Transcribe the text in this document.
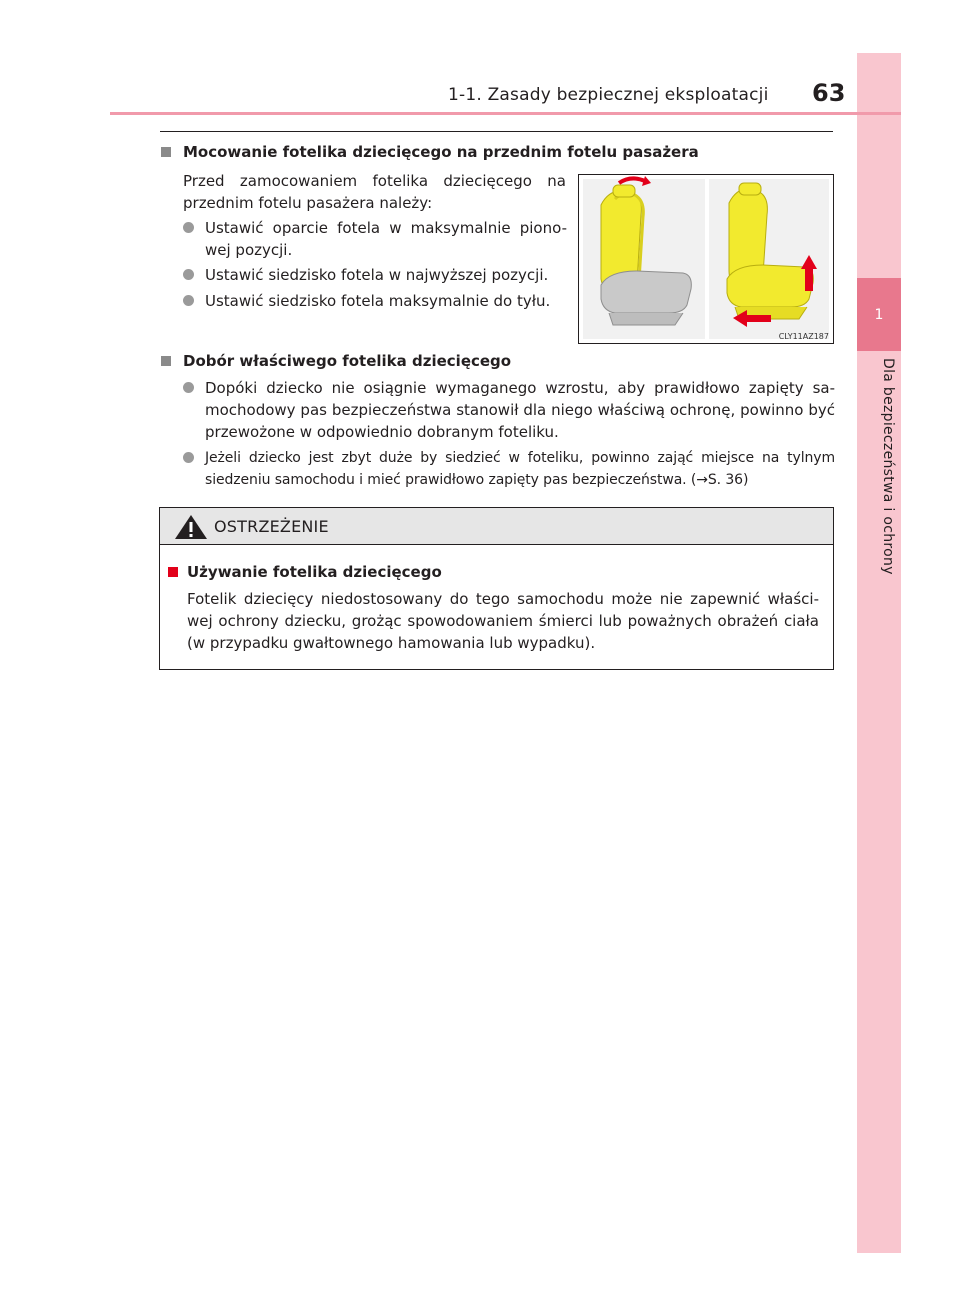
1
Dla bezpieczeństwa i ochrony
1-1. Zasady bezpiecznej eksploatacji 63
Mocowanie fotelika dziecięcego na przednim fotelu pasażera
Przed zamocowaniem fotelika dziecięcego na przednim fotelu pasażera należy:
Ustawić oparcie fotela w maksymalnie piono- wej pozycji.
Ustawić siedzisko fotela w najwyższej pozycji.
Ustawić siedzisko fotela maksymalnie do tyłu.
CLY11AZ187
Dobór właściwego fotelika dziecięcego
Dopóki dziecko nie osiągnie wymaganego wzrostu, aby prawidłowo zapięty sa- mochodowy pas bezpieczeństwa stanowił dla niego właściwą ochronę, powinno być przewożone w odpowiednio dobranym foteliku.
Jeżeli dziecko jest zbyt duże by siedzieć w foteliku, powinno zająć miejsce na tylnym siedzeniu samochodu i mieć prawidłowo zapięty pas bezpieczeństwa. (→S. 36)
OSTRZEŻENIE
Używanie fotelika dziecięcego
Fotelik dziecięcy niedostosowany do tego samochodu może nie zapewnić właści- wej ochrony dziecku, grożąc spowodowaniem śmierci lub poważnych obrażeń ciała (w przypadku gwałtownego hamowania lub wypadku).
